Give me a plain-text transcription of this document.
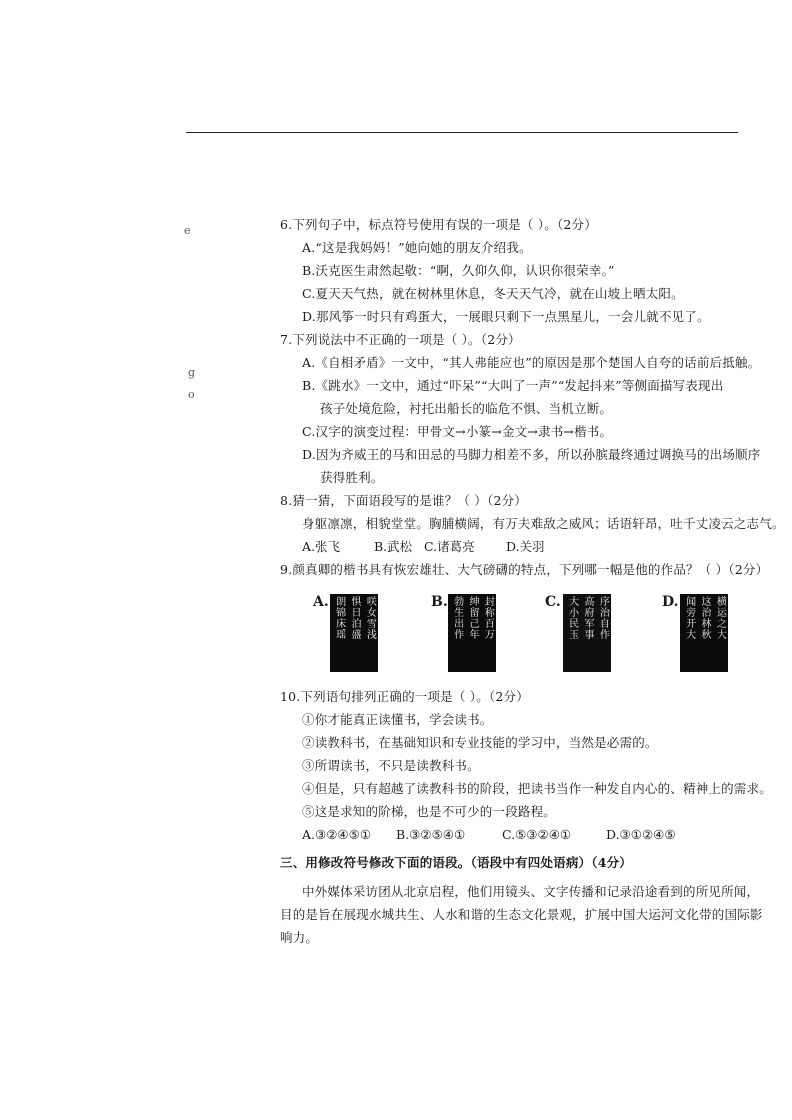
e
g
o
6.下列句子中，标点符号使用有误的一项是（ ）。（2分）
A.“这是我妈妈！”她向她的朋友介绍我。
B.沃克医生肃然起敬：“啊，久仰久仰，认识你很荣幸。”
C.夏天天气热，就在树林里休息，冬天天气冷，就在山坡上晒太阳。
D.那风筝一时只有鸡蛋大，一展眼只剩下一点黑星儿，一会儿就不见了。
7.下列说法中不正确的一项是（ ）。（2分）
A.《自相矛盾》一文中，“其人弗能应也”的原因是那个楚国人自夸的话前后抵触。
B.《跳水》一文中，通过“吓呆”“大叫了一声”“发起抖来”等侧面描写表现出
孩子处境危险，衬托出船长的临危不惧、当机立断。
C.汉字的演变过程：甲骨文→小篆→金文→隶书→楷书。
D.因为齐威王的马和田忌的马脚力相差不多，所以孙膑最终通过调换马的出场顺序
获得胜利。
8.猜一猜，下面语段写的是谁？（ ）（2分）
身躯凛凛，相貌堂堂。胸脯横阔，有万夫难敌之威风；话语轩昂，吐千丈凌云之志气。
A.张飞	B.武松 C.诸葛亮	D.关羽
9.颜真卿的楷书具有恢宏雄壮、大气磅礴的特点，下列哪一幅是他的作品？（ ）（2分）
A.	咲女雪浅
惧日泊盛
朗锦床瑶	B.	封称百万
绅留己年
勃生出作	C.	序治自作
高府军事
大小民玉	D.	横运之大
这治林秋
闻旁开大
10.下列语句排列正确的一项是（ ）。（2分）
①你才能真正读懂书，学会读书。
②读教科书，在基础知识和专业技能的学习中，当然是必需的。
③所谓读书，不只是读教科书。
④但是，只有超越了读教科书的阶段，把读书当作一种发自内心的、精神上的需求。
⑤这是求知的阶梯，也是不可少的一段路程。
A.③②④⑤① B.③②⑤④①	C.⑤③②④①	D.③①②④⑤
三、用修改符号修改下面的语段。（语段中有四处语病）（4分）
中外媒体采访团从北京启程，他们用镜头、文字传播和记录沿途看到的所见所闻，
目的是旨在展现水城共生、人水和谐的生态文化景观，扩展中国大运河文化带的国际影
响力。
